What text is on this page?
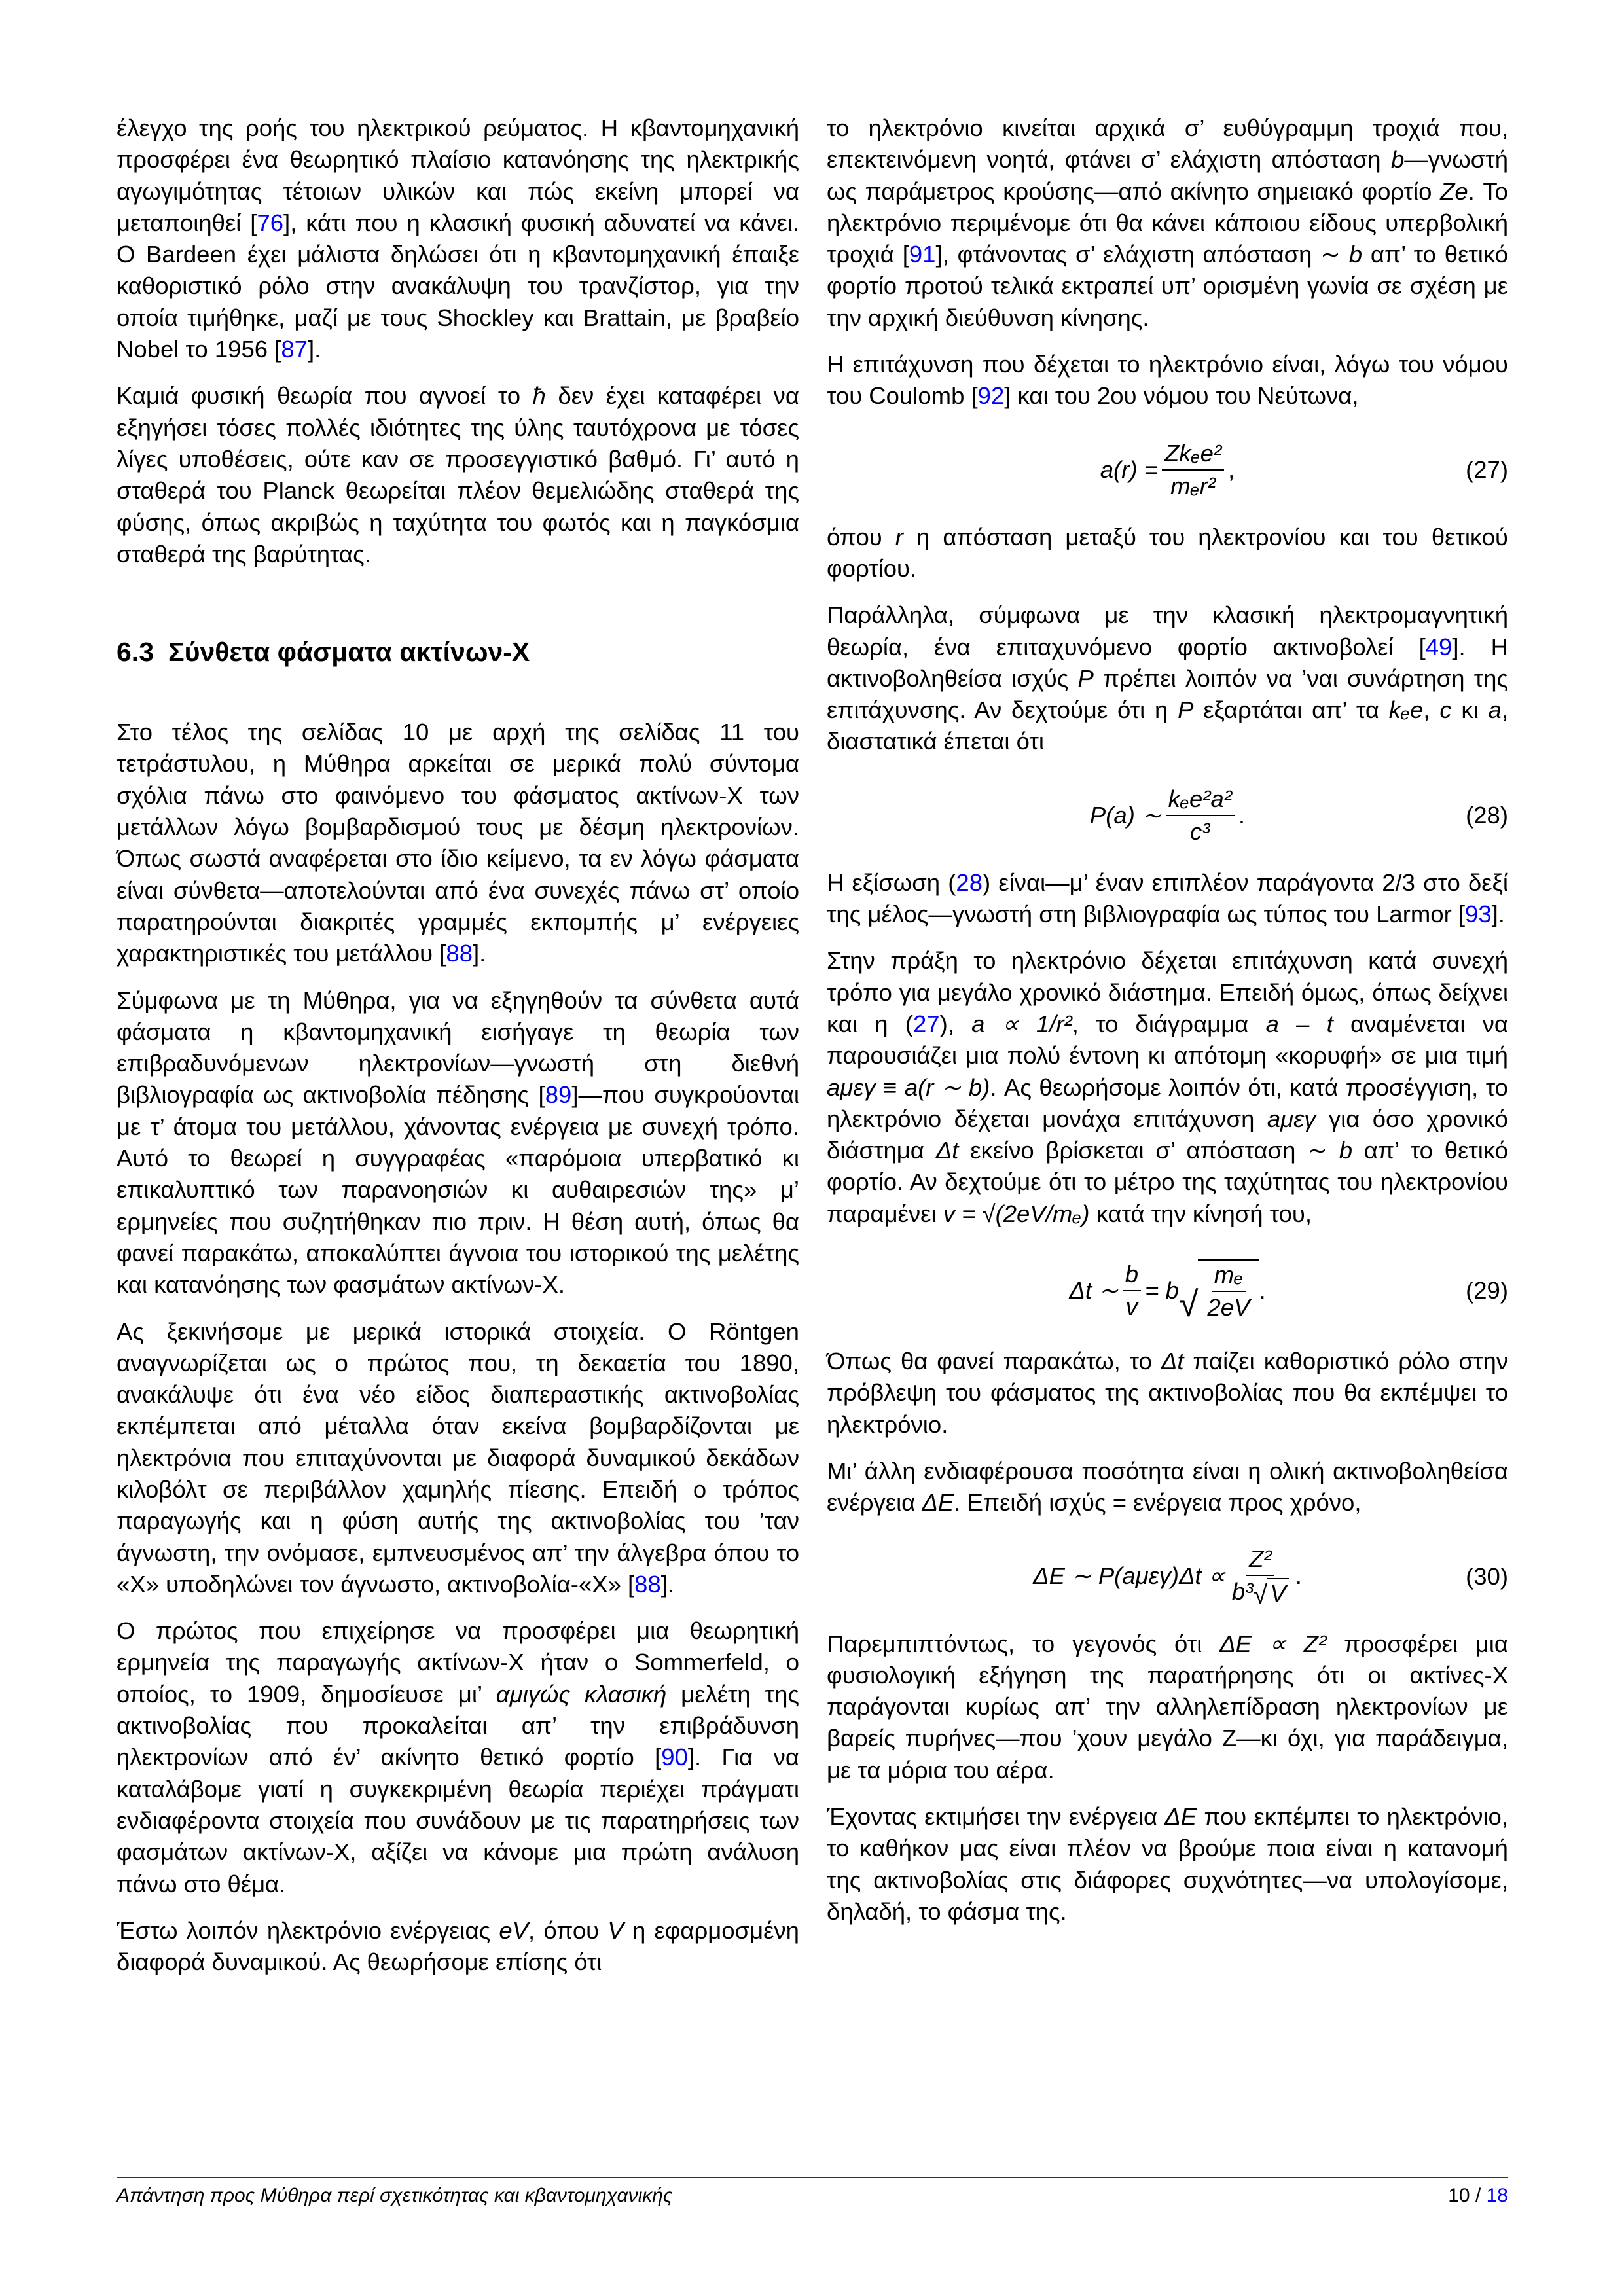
έλεγχο της ροής του ηλεκτρικού ρεύματος. Η κβαντομηχανική προσφέρει ένα θεωρητικό πλαίσιο κατανόησης της ηλεκτρικής αγωγιμότητας τέτοιων υλικών και πώς εκείνη μπορεί να μεταποιηθεί [76], κάτι που η κλασική φυσική αδυνατεί να κάνει. Ο Bardeen έχει μάλιστα δηλώσει ότι η κβαντομηχανική έπαιξε καθοριστικό ρόλο στην ανακάλυψη του τρανζίστορ, για την οποία τιμήθηκε, μαζί με τους Shockley και Brattain, με βραβείο Nobel το 1956 [87].

Καμιά φυσική θεωρία που αγνοεί το ħ δεν έχει καταφέρει να εξηγήσει τόσες πολλές ιδιότητες της ύλης ταυτόχρονα με τόσες λίγες υποθέσεις, ούτε καν σε προσεγγιστικό βαθμό. Γι’ αυτό η σταθερά του Planck θεωρείται πλέον θεμελιώδης σταθερά της φύσης, όπως ακριβώς η ταχύτητα του φωτός και η παγκόσμια σταθερά της βαρύτητας.

6.3 Σύνθετα φάσματα ακτίνων-Χ

Στο τέλος της σελίδας 10 με αρχή της σελίδας 11 του τετράστυλου, η Μύθηρα αρκείται σε μερικά πολύ σύντομα σχόλια πάνω στο φαινόμενο του φάσματος ακτίνων-Χ των μετάλλων λόγω βομβαρδισμού τους με δέσμη ηλεκτρονίων. Όπως σωστά αναφέρεται στο ίδιο κείμενο, τα εν λόγω φάσματα είναι σύνθετα—αποτελούνται από ένα συνεχές πάνω στ’ οποίο παρατηρούνται διακριτές γραμμές εκπομπής μ’ ενέργειες χαρακτηριστικές του μετάλλου [88].

Σύμφωνα με τη Μύθηρα, για να εξηγηθούν τα σύνθετα αυτά φάσματα η κβαντομηχανική εισήγαγε τη θεωρία των επιβραδυνόμενων ηλεκτρονίων—γνωστή στη διεθνή βιβλιογραφία ως ακτινοβολία πέδησης [89]—που συγκρούονται με τ’ άτομα του μετάλλου, χάνοντας ενέργεια με συνεχή τρόπο. Αυτό το θεωρεί η συγγραφέας «παρόμοια υπερβατικό κι επικαλυπτικό των παρανοησιών κι αυθαιρεσιών της» μ’ ερμηνείες που συζητήθηκαν πιο πριν. Η θέση αυτή, όπως θα φανεί παρακάτω, αποκαλύπτει άγνοια του ιστορικού της μελέτης και κατανόησης των φασμάτων ακτίνων-Χ.

Ας ξεκινήσομε με μερικά ιστορικά στοιχεία. Ο Röntgen αναγνωρίζεται ως ο πρώτος που, τη δεκαετία του 1890, ανακάλυψε ότι ένα νέο είδος διαπεραστικής ακτινοβολίας εκπέμπεται από μέταλλα όταν εκείνα βομβαρδίζονται με ηλεκτρόνια που επιταχύνονται με διαφορά δυναμικού δεκάδων κιλοβόλτ σε περιβάλλον χαμηλής πίεσης. Επειδή ο τρόπος παραγωγής και η φύση αυτής της ακτινοβολίας του ’ταν άγνωστη, την ονόμασε, εμπνευσμένος απ’ την άλγεβρα όπου το «Χ» υποδηλώνει τον άγνωστο, ακτινοβολία-«Χ» [88].

Ο πρώτος που επιχείρησε να προσφέρει μια θεωρητική ερμηνεία της παραγωγής ακτίνων-Χ ήταν ο Sommerfeld, ο οποίος, το 1909, δημοσίευσε μι’ αμιγώς κλασική μελέτη της ακτινοβολίας που προκαλείται απ’ την επιβράδυνση ηλεκτρονίων από έν’ ακίνητο θετικό φορτίο [90]. Για να καταλάβομε γιατί η συγκεκριμένη θεωρία περιέχει πράγματι ενδιαφέροντα στοιχεία που συνάδουν με τις παρατηρήσεις των φασμάτων ακτίνων-Χ, αξίζει να κάνομε μια πρώτη ανάλυση πάνω στο θέμα.

Έστω λοιπόν ηλεκτρόνιο ενέργειας eV, όπου V η εφαρμοσμένη διαφορά δυναμικού. Ας θεωρήσομε επίσης ότι

το ηλεκτρόνιο κινείται αρχικά σ’ ευθύγραμμη τροχιά που, επεκτεινόμενη νοητά, φτάνει σ’ ελάχιστη απόσταση b—γνωστή ως παράμετρος κρούσης—από ακίνητο σημειακό φορτίο Ze. Το ηλεκτρόνιο περιμένομε ότι θα κάνει κάποιου είδους υπερβολική τροχιά [91], φτάνοντας σ’ ελάχιστη απόσταση ∼ b απ’ το θετικό φορτίο προτού τελικά εκτραπεί υπ’ ορισμένη γωνία σε σχέση με την αρχική διεύθυνση κίνησης.

Η επιτάχυνση που δέχεται το ηλεκτρόνιο είναι, λόγω του νόμου του Coulomb [92] και του 2ου νόμου του Νεύτωνα,

$a(r) = \frac{\text{Zkₑe²}}{\text{mₑr²}}$ ,	(27)

όπου r η απόσταση μεταξύ του ηλεκτρονίου και του θετικού φορτίου.

Παράλληλα, σύμφωνα με την κλασική ηλεκτρομαγνητική θεωρία, ένα επιταχυνόμενο φορτίο ακτινοβολεί [49]. Η ακτινοβοληθείσα ισχύς P πρέπει λοιπόν να ’ναι συνάρτηση της επιτάχυνσης. Αν δεχτούμε ότι η P εξαρτάται απ’ τα kₑe, c κι a, διαστατικά έπεται ότι

P(a) ∼ $\frac{\text{kₑe²a²}}{\text{c³}}$ .	(28)

Η εξίσωση (28) είναι—μ’ έναν επιπλέον παράγοντα 2/3 στο δεξί της μέλος—γνωστή στη βιβλιογραφία ως τύπος του Larmor [93].

Στην πράξη το ηλεκτρόνιο δέχεται επιτάχυνση κατά συνεχή τρόπο για μεγάλο χρονικό διάστημα. Επειδή όμως, όπως δείχνει και η (27), a ∝ 1/r², το διάγραμμα a – t αναμένεται να παρουσιάζει μια πολύ έντονη κι απότομη «κορυφή» σε μια τιμή aμεγ ≡ a(r ∼ b). Ας θεωρήσομε λοιπόν ότι, κατά προσέγγιση, το ηλεκτρόνιο δέχεται μονάχα επιτάχυνση aμεγ για όσο χρονικό διάστημα Δt εκείνο βρίσκεται σ’ απόσταση ∼ b απ’ το θετικό φορτίο. Αν δεχτούμε ότι το μέτρο της ταχύτητας του ηλεκτρονίου παραμένει v = √(2eV/mₑ) κατά την κίνησή του,

Δt ∼ $\frac{b}{v} = b$ √ $\frac{\text{mₑ}}{2eV}$ .	(29)

Όπως θα φανεί παρακάτω, το Δt παίζει καθοριστικό ρόλο στην πρόβλεψη του φάσματος της ακτινοβολίας που θα εκπέμψει το ηλεκτρόνιο.

Μι’ άλλη ενδιαφέρουσα ποσότητα είναι η ολική ακτινοβοληθείσα ενέργεια ΔE. Επειδή ισχύς = ενέργεια προς χρόνο,

ΔE ∼ $P(a\mu\varepsilon\gamma)\Delta t \propto \frac{\text{Z²}}{\text{b³ √ V}}$ .	(30)

Παρεμπιπτόντως, το γεγονός ότι ΔE ∝ Z² προσφέρει μια φυσιολογική εξήγηση της παρατήρησης ότι οι ακτίνες-Χ παράγονται κυρίως απ’ την αλληλεπίδραση ηλεκτρονίων με βαρείς πυρήνες—που ’χουν μεγάλο Z—κι όχι, για παράδειγμα, με τα μόρια του αέρα.

Έχοντας εκτιμήσει την ενέργεια ΔE που εκπέμπει το ηλεκτρόνιο, το καθήκον μας είναι πλέον να βρούμε ποια είναι η κατανομή της ακτινοβολίας στις διάφορες συχνότητες—να υπολογίσομε, δηλαδή, το φάσμα της.

Απάντηση προς Μύθηρα περί σχετικότητας και κβαντομηχανικής	10 / 18
